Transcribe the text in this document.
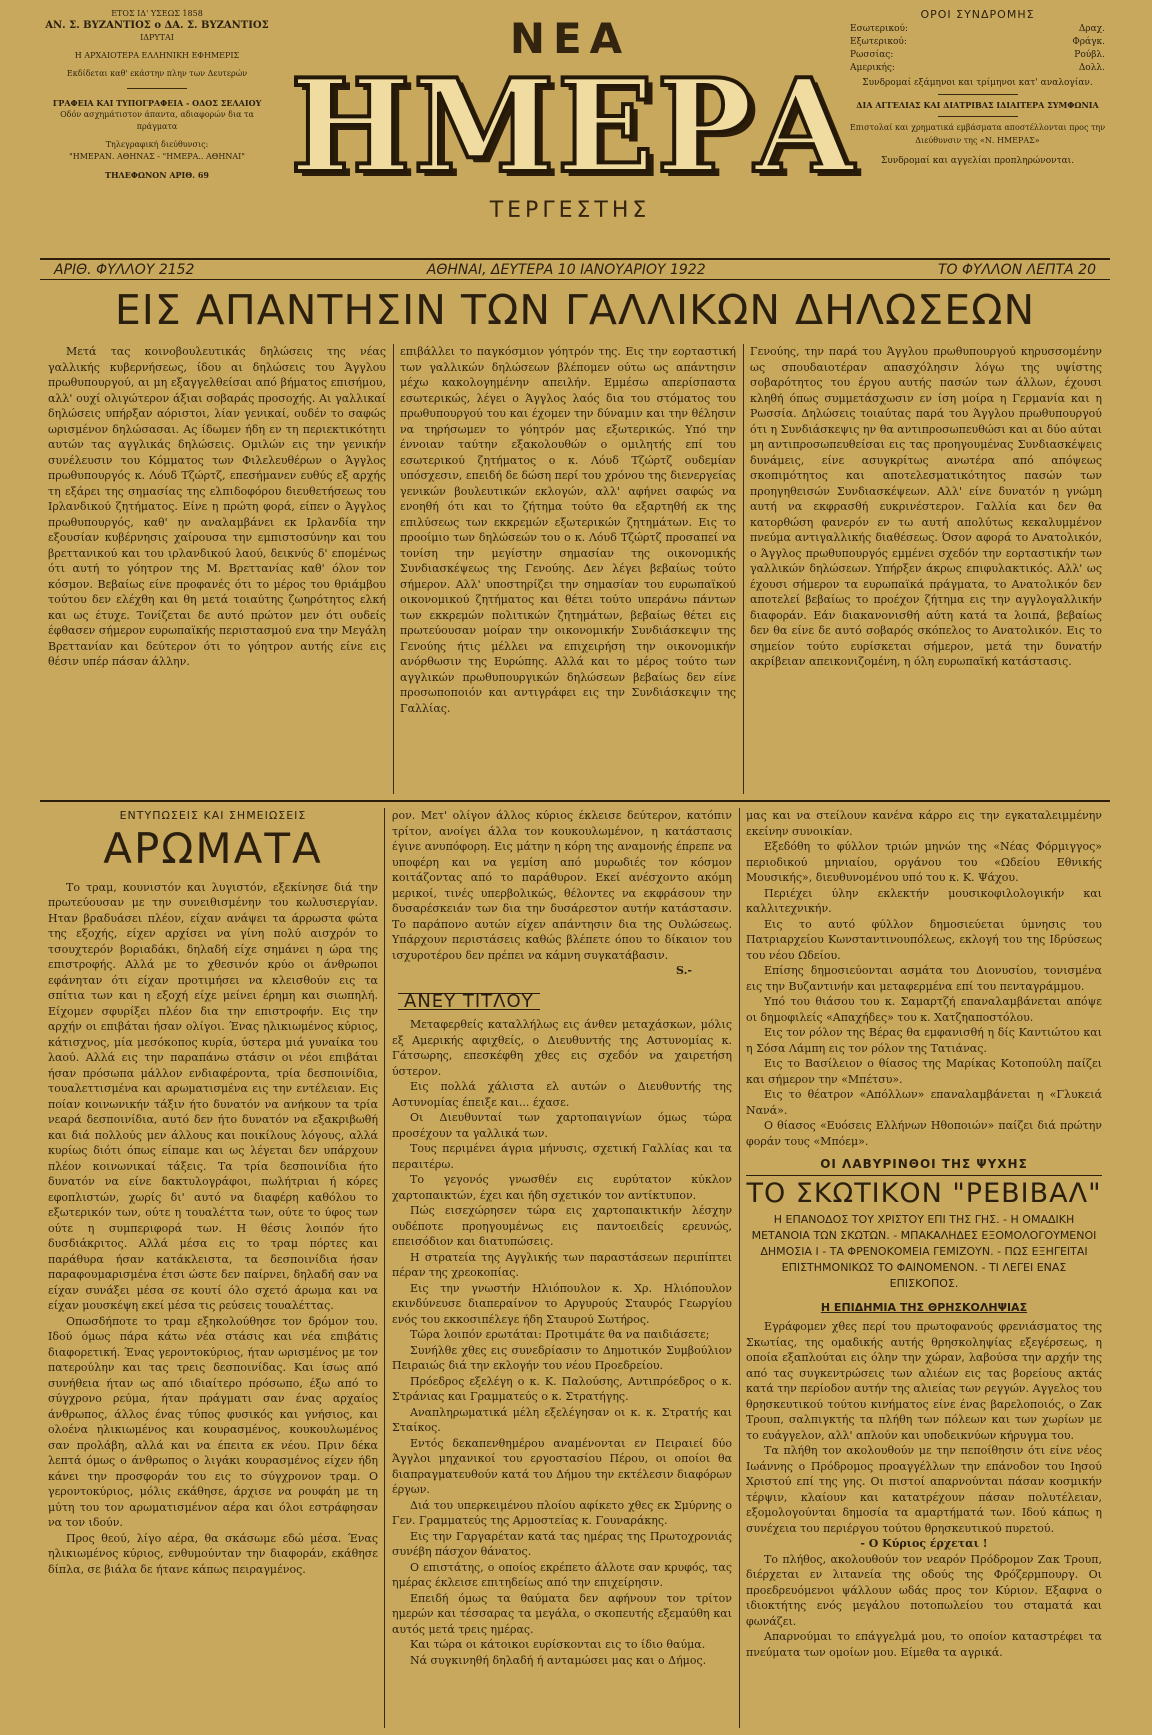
ΕΤΟΣ ΙΔ' ΥΣΕΩΣ 1858
ΑΝ. Σ. ΒΥΖΑΝΤΙΟΣ ο ΔΑ. Σ. ΒΥΖΑΝΤΙΟΣ
ΙΔΡΥΤΑΙ
Η ΑΡΧΑΙΟΤΕΡΑ ΕΛΛΗΝΙΚΗ ΕΦΗΜΕΡΙΣ
Εκδίδεται καθ' εκάστην πλην των Δευτερών
ΓΡΑΦΕΙΑ ΚΑΙ ΤΥΠΟΓΡΑΦΕΙΑ - ΟΔΟΣ ΣΕΛΑΙΟΥ
Οδόν ασχημάτιστον άπαντα, αδιαφορών δια τα πράγματα
Τηλεγραφική διεύθυνσις:
"ΗΜΕΡΑΝ. ΑΘΗΝΑΣ - "ΗΜΕΡΑ.. ΑΘΗΝΑΙ"
ΤΗΛΕΦΩΝΟΝ ΑΡΙΘ. 69
ΝΕΑ
ΗΜΕΡΑ
ΤΕΡΓΕΣΤΗΣ
ΟΡΟΙ ΣΥΝΔΡΟΜΗΣ
Εσωτερικού:	Δραχ.
Εξωτερικού:	Φράγκ.
Ρωσσίας:	Ρούβλ.
Αμερικής:	Δολλ.
Συνδρομαί εξάμηνοι και τρίμηνοι κατ' αναλογίαν.
ΔΙΑ ΑΓΓΕΛΙΑΣ ΚΑΙ ΔΙΑΤΡΙΒΑΣ ΙΔΙΑΙΤΕΡΑ ΣΥΜΦΩΝΙΑ
Επιστολαί και χρηματικά εμβάσματα αποστέλλονται προς την Διεύθυνσιν της «Ν. ΗΜΕΡΑΣ»
Συνδρομαί και αγγελίαι προπληρώνονται.
ΑΡΙΘ. ΦΥΛΛΟΥ 2152	ΑΘΗΝΑΙ, ΔΕΥΤΕΡΑ 10 ΙΑΝΟΥΑΡΙΟΥ 1922	ΤΟ ΦΥΛΛΟΝ ΛΕΠΤΑ 20
ΕΙΣ ΑΠΑΝΤΗΣΙΝ ΤΩΝ ΓΑΛΛΙΚΩΝ ΔΗΛΩΣΕΩΝ

Μετά τας κοινοβουλευτικάς δηλώσεις της νέας γαλλικής κυβερνήσεως, ίδου αι δηλώσεις του Άγγλου πρωθυπουργού, αι μη εξαγγελθείσαι από βήματος επισήμου, αλλ' ουχί ολιγώτερον άξιαι σοβαράς προσοχής. Αι γαλλικαί δηλώσεις υπήρξαν αόριστοι, λίαν γενικαί, ουδέν το σαφώς ωρισμένον δηλώσασαι. Ας ίδωμεν ήδη εν τη περιεκτικότητι αυτών τας αγγλικάς δηλώσεις. Ομιλών εις την γενικήν συνέλευσιν του Κόμματος των Φιλελευθέρων ο Άγγλος πρωθυπουργός κ. Λόυδ Τζώρτζ, επεσήμανεν ευθύς εξ αρχής τη εξάρει της σημασίας της ελπιδοφόρου διευθετήσεως του Ιρλανδικού ζητήματος. Είνε η πρώτη φορά, είπεν ο Άγγλος πρωθυπουργός, καθ' ην αναλαμβάνει εκ Ιρλανδία την εξουσίαν κυβέρνησις χαίρουσα την εμπιστοσύνην και του βρεττανικού και του ιρλανδικού λαού, δεικνύς δ' επομένως ότι αυτή το γόητρον της Μ. Βρεττανίας καθ' όλον τον κόσμον. Βεβαίως είνε προφανές ότι το μέρος του θριάμβου τούτου δεν ελέχθη και θη μετά τοιαύτης ζωηρότητος ελκή και ως έτυχε. Τονίζεται δε αυτό πρώτον μεν ότι ουδείς έφθασεν σήμερον ευρωπαϊκής περιστασμού ενα την Μεγάλη Βρεττανίαν και δεύτερον ότι το γόητρον αυτής είνε εις θέσιν υπέρ πάσαν άλλην.

επιβάλλει το παγκόσμιον γόητρόν της. Εις την εορταστική των γαλλικών δηλώσεων βλέπομεν ούτω ως απάντησιν μέχω κακολογημένην απειλήν. Εμμέσω απερίσπαστα εσωτερικώς, λέγει ο Άγγλος λαός δια του στόματος του πρωθυπουργού του και έχομεν την δύναμιν και την θέλησιν να τηρήσωμεν το γόητρόν μας εξωτερικώς. Υπό την έννοιαν ταύτην εξακολουθών ο ομιλητής επί του εσωτερικού ζητήματος ο κ. Λόυδ Τζώρτζ ουδεμίαν υπόσχεσιν, επειδή δε δώση περί του χρόνου της διενεργείας γενικών βουλευτικών εκλογών, αλλ' αφήνει σαφώς να ενοηθή ότι και το ζήτημα τούτο θα εξαρτηθή εκ της επιλύσεως των εκκρεμών εξωτερικών ζητημάτων. Εις το προοίμιο των δηλώσεών του ο κ. Λόυδ Τζώρτζ προσαπεί να τονίση την μεγίστην σημασίαν της οικονομικής Συνδιασκέψεως της Γενούης. Δεν λέγει βεβαίως τούτο σήμερον. Αλλ' υποστηρίζει την σημασίαν του ευρωπαϊκού οικονομικού ζητήματος και θέτει τούτο υπεράνω πάντων των εκκρεμών πολιτικών ζητημάτων, βεβαίως θέτει εις πρωτεύουσαν μοίραν την οικονομικήν Συνδιάσκεψιν της Γενούης ήτις μέλλει να επιχειρήση την οικονομικήν ανόρθωσιν της Ευρώπης. Αλλά και το μέρος τούτο των αγγλικών πρωθυπουργικών δηλώσεων βεβαίως δεν είνε προσωποποιόν και αντιγράφει εις την Συνδιάσκεψιν της Γαλλίας.

Γενούης, την παρά του Άγγλου πρωθυπουργού κηρυσσομένην ως σπουδαιοτέραν απασχόλησιν λόγω της υψίστης σοβαρότητος του έργου αυτής πασών των άλλων, έχουσι κληθή όπως συμμετάσχωσιν εν ίση μοίρα η Γερμανία και η Ρωσσία. Δηλώσεις τοιαύτας παρά του Άγγλου πρωθυπουργού ότι η Συνδιάσκεψις ην θα αντιπροσωπευθώσι και αι δύο αύται μη αντιπροσωπευθείσαι εις τας προηγουμένας Συνδιασκέψεις δυνάμεις, είνε ασυγκρίτως ανωτέρα από απόψεως σκοπιμότητος και αποτελεσματικότητος πασών των προηγηθεισών Συνδιασκέψεων. Αλλ' είνε δυνατόν η γνώμη αυτή να εκφρασθή ευκρινέστερον. Γαλλία και δεν θα κατορθώση φανερόν εν τω αυτή απολύτως κεκαλυμμένον πνεύμα αντιγαλλικής διαθέσεως. Όσον αφορά το Ανατολικόν, ο Άγγλος πρωθυπουργός εμμένει σχεδόν την εορταστικήν των γαλλικών δηλώσεων. Υπήρξεν άκρως επιφυλακτικός. Αλλ' ως έχουσι σήμερον τα ευρωπαϊκά πράγματα, το Ανατολικόν δεν αποτελεί βεβαίως το προέχον ζήτημα εις την αγγλογαλλικήν διαφοράν. Εάν διακανονισθή αύτη κατά τα λοιπά, βεβαίως δεν θα είνε δε αυτό σοβαρός σκόπελος το Ανατολικόν. Εις το σημείον τούτο ευρίσκεται σήμερον, μετά την δυνατήν ακρίβειαν απεικονιζομένη, η όλη ευρωπαϊκή κατάστασις.

ΕΝΤΥΠΩΣΕΙΣ ΚΑΙ ΣΗΜΕΙΩΣΕΙΣ
ΑΡΩΜΑΤΑ

Το τραμ, κουνιστόν και λυγιστόν, εξεκίνησε διά την πρωτεύουσαν με την συνειθισμένην του κωλυσιεργίαν. Ηταν βραδυάσει πλέον, είχαν ανάψει τα άρρωστα φώτα της εξοχής, είχεν αρχίσει να γίνη πολύ αισχρόν το τσουχτερόν βοριαδάκι, δηλαδή είχε σημάνει η ώρα της επιστροφής. Αλλά με το χθεσινόν κρύο οι άνθρωποι εφάνηταν ότι είχαν προτιμήσει να κλεισθούν εις τα σπίτια των και η εξοχή είχε μείνει έρημη και σιωπηλή. Είχομεν σφυρίξει πλέον δια την επιστροφήν. Εις την αρχήν οι επιβάται ήσαν ολίγοι. Ένας ηλικιωμένος κύριος, κάτισχνος, μία μεσόκοπος κυρία, ύστερα μιά γυναίκα του λαού. Αλλά εις την παραπάνω στάσιν οι νέοι επιβάται ήσαν πρόσωπα μάλλον ενδιαφέροντα, τρία δεσποινίδια, τουαλεττισμένα και αρωματισμένα εις την εντέλειαν. Εις ποίαν κοινωνικήν τάξιν ήτο δυνατόν να ανήκουν τα τρία νεαρά δεσποινίδια, αυτό δεν ήτο δυνατόν να εξακριβωθή και διά πολλούς μεν άλλους και ποικίλους λόγους, αλλά κυρίως διότι όπως είπαμε και ως λέγεται δεν υπάρχουν πλέον κοινωνικαί τάξεις. Τα τρία δεσποινίδια ήτο δυνατόν να είνε δακτυλογράφοι, πωλήτριαι ή κόρες εφοπλιστών, χωρίς δι' αυτό να διαφέρη καθόλου το εξωτερικόν των, ούτε η τουαλέττα των, ούτε το ύφος των ούτε η συμπεριφορά των. Η θέσις λοιπόν ήτο δυσδιάκριτος. Αλλά μέσα εις το τραμ πόρτες και παράθυρα ήσαν κατάκλειστα, τα δεσποινίδια ήσαν παραφουμαρισμένα έτσι ώστε δεν παίρνει, δηλαδή σαν να είχαν συνάξει μέσα σε κουτί όλο σχετό άρωμα και να είχαν μουσκέψη εκεί μέσα τις ρεύσεις τουαλέττας.

Οπωσδήποτε το τραμ εξηκολούθησε τον δρόμον του. Ιδού όμως πάρα κάτω νέα στάσις και νέα επιβάτις διαφορετική. Ένας γεροντοκύριος, ήταν ωρισμένος με τον πατερούλην και τας τρεις δεσποινίδας. Και ίσως από συνήθεια ήταν ως από ιδιαίτερο πρόσωπο, έξω από το σύγχρονο ρεύμα, ήταν πράγματι σαν ένας αρχαίος άνθρωπος, άλλος ένας τύπος φυσικός και γνήσιος, και ολοένα ηλικιωμένος και κουρασμένος, κουκουλωμένος σαν προλάβη, αλλά και να έπειτα εκ νέου. Πριν δέκα λεπτά όμως ο άνθρωπος ο λιγάκι κουρασμένος είχεν ήδη κάνει την προσφοράν του εις το σύγχρονον τραμ. Ο γεροντοκύριος, μόλις εκάθησε, άρχισε να ρουφάη με τη μύτη του τον αρωματισμένον αέρα και όλοι εστράφησαν να τον ιδούν.

Προς θεού, λίγο αέρα, θα σκάσωμε εδώ μέσα. Ένας ηλικιωμένος κύριος, ενθυμούνταν την διαφοράν, εκάθησε δίπλα, σε βιάλα δε ήτανε κάπως πειραγμένος.

ρον. Μετ' ολίγον άλλος κύριος έκλεισε δεύτερον, κατόπιν τρίτον, ανοίγει άλλα τον κουκουλωμένον, η κατάστασις έγινε ανυπόφορη. Εις μάτην η κόρη της αναμονής έπρεπε να υποφέρη και να γεμίση από μυρωδιές τον κόσμον κοιτάζοντας από το παράθυρον. Εκεί ανέσχοντο ακόμη μερικοί, τινές υπερβολικώς, θέλοντες να εκφράσουν την δυσαρέσκειάν των δια την δυσάρεστον αυτήν κατάστασιν. Το παράπονο αυτών είχεν απάντησιν δια της Ουλώσεως. Υπάρχουν περιστάσεις καθώς βλέπετε όπου το δίκαιον του ισχυροτέρου δεν πρέπει να κάμνη συγκατάβασιν.

S.-
ΑΝΕΥ ΤΙΤΛΟΥ

Μεταφερθείς καταλλήλως εις άνθεν μεταχάσκων, μόλις εξ Αμερικής αφιχθείς, ο Διευθυντής της Αστυνομίας κ. Γάτσωρης, επεσκέφθη χθες εις σχεδόν να χαιρετήση ύστερον.

Εις πολλά χάλιστα ελ αυτών ο Διευθυντής της Αστυνομίας έπειξε και... έχασε.

Οι Διευθυνταί των χαρτοπαιγνίων όμως τώρα προσέχουν τα γαλλικά των.

Τους περιμένει άγρια μήνυσις, σχετική Γαλλίας και τα περαιτέρω.

Το γεγονός γνωσθέν εις ευρύτατον κύκλον χαρτοπαικτών, έχει και ήδη σχετικόν τον αντίκτυπον.

Πώς εισεχώρησεν τώρα εις χαρτοπαικτικήν λέσχην ουδέποτε προηγουμένως εις παντοειδείς ερευνώς, επεισόδιον και διατυπώσεις.

Η στρατεία της Αγγλικής των παραστάσεων περιπίπτει πέραν της χρεοκοπίας.

Εις την γνωστήν Ηλιόπουλον κ. Χρ. Ηλιόπουλον εκινδύνευσε διαπεραίνον το Αργυρούς Σταυρός Γεωργίου ενός του εκκοσιπέλεγε ήδη Σταυρού Σωτήρος.

Τώρα λοιπόν ερωτάται: Προτιμάτε θα να παιδιάσετε;

Συνήλθε χθες εις συνεδρίασιν το Δημοτικόν Συμβούλιον Πειραιώς διά την εκλογήν του νέου Προεδρείου.

Πρόεδρος εξελέγη ο κ. Κ. Παλούσης, Αντιπρόεδρος ο κ. Στράνιας και Γραμματεύς ο κ. Στρατήγης.

Αναπληρωματικά μέλη εξελέγησαν οι κ. κ. Στρατής και Σταίκος.

Εντός δεκαπενθημέρου αναμένονται εν Πειραιεί δύο Άγγλοι μηχανικοί του εργοστασίου Πέρου, οι οποίοι θα διαπραγματευθούν κατά του Δήμου την εκτέλεσιν διαφόρων έργων.

Διά του υπερκειμένου πλοίου αφίκετο χθες εκ Σμύρνης ο Γεν. Γραμματεύς της Αρμοστείας κ. Γουναράκης.

Εις την Γαργαρέταν κατά τας ημέρας της Πρωτοχρονιάς συνέβη πάσχον θάνατος.

Ο επιστάτης, ο οποίος εκρέπετο άλλοτε σαν κρυφός, τας ημέρας έκλεισε επιτηδείως από την επιχείρησιν.

Επειδή όμως τα θαύματα δεν αφήνουν τον τρίτον ημερών και τέσσαρας τα μεγάλα, ο σκοπευτής εξεμαύθη και αυτός μετά τρεις ημέρας.

Και τώρα οι κάτοικοι ευρίσκονται εις το ίδιο θαύμα.

Νά συγκινηθή δηλαδή ή ανταμώσει μας και ο Δήμος.

μας και να στείλουν κανένα κάρρο εις την εγκαταλειμμένην εκείνην συνοικίαν.

Εξεδόθη το φύλλον τριών μηνών της «Νέας Φόρμιγγος» περιοδικού μηνιαίου, οργάνου του «Ωδείου Εθνικής Μουσικής», διευθυνομένου υπό του κ. Κ. Ψάχου.

Περιέχει ύλην εκλεκτήν μουσικοφιλολογικήν και καλλιτεχνικήν.

Εις το αυτό φύλλον δημοσιεύεται ύμνησις του Πατριαρχείου Κωνσταντινουπόλεως, εκλογή του της Ιδρύσεως του νέου Ωδείου.

Επίσης δημοσιεύονται ασμάτα του Διονυσίου, τονισμένα εις την Βυζαντινήν και μεταφερμένα επί του πενταγράμμου.

Υπό του θιάσου του κ. Σαμαρτζή επαναλαμβάνεται απόψε οι δημοφιλείς «Απαχήδες» του κ. Χατζηαποστόλου.

Εις τον ρόλον της Βέρας θα εμφανισθή η δίς Καντιώτου και η Σόσα Λάμπη εις τον ρόλον της Τατιάνας.

Εις το Βασίλειον ο θίασος της Μαρίκας Κοτοπούλη παίζει και σήμερον την «Μπέτσυ».

Εις το θέατρον «Απόλλων» επαναλαμβάνεται η «Γλυκειά Νανά».

Ο θίασος «Ευόσεις Ελλήνων Ηθοποιών» παίζει διά πρώτην φοράν τους «Μπόεμ».

ΟΙ ΛΑΒΥΡΙΝΘΟΙ ΤΗΣ ΨΥΧΗΣ
ΤΟ ΣΚΩΤΙΚΟΝ "ΡΕΒΙΒΑΛ"
Η ΕΠΑΝΟΔΟΣ ΤΟΥ ΧΡΙΣΤΟΥ ΕΠΙ ΤΗΣ ΓΗΣ. - Η ΟΜΑΔΙΚΗ ΜΕΤΑΝΟΙΑ ΤΩΝ ΣΚΩΤΩΝ. - ΜΠΑΚΑΛΗΔΕΣ ΕΞΟΜΟΛΟΓΟΥΜΕΝΟΙ ΔΗΜΟΣΙΑ Ι - ΤΑ ΦΡΕΝΟΚΟΜΕΙΑ ΓΕΜΙΖΟΥΝ. - ΠΩΣ ΕΞΗΓΕΙΤΑΙ ΕΠΙΣΤΗΜΟΝΙΚΩΣ ΤΟ ΦΑΙΝΟΜΕΝΟΝ. - ΤΙ ΛΕΓΕΙ ΕΝΑΣ ΕΠΙΣΚΟΠΟΣ.
Η ΕΠΙΔΗΜΙΑ ΤΗΣ ΘΡΗΣΚΟΛΗΨΙΑΣ

Εγράφομεν χθες περί του πρωτοφανούς φρενιάσματος της Σκωτίας, της ομαδικής αυτής θρησκοληψίας εξεγέρσεως, η οποία εξαπλούται εις όλην την χώραν, λαβούσα την αρχήν της από τας συγκεντρώσεις των αλιέων εις τας βορείους ακτάς κατά την περίοδον αυτήν της αλιείας των ρεγγών. Αγγελος του θρησκευτικού τούτου κινήματος είνε ένας βαρελοποιός, ο Ζακ Τρουπ, σαλπιγκτής τα πλήθη των πόλεων και των χωρίων με το ευάγγελον, αλλ' απλούν και υποδεικνύων κήρυγμα του.

Τα πλήθη τον ακολουθούν με την πεποίθησιν ότι είνε νέος Ιωάννης ο Πρόδρομος προαγγέλλων την επάνοδον του Ιησού Χριστού επί της γης. Οι πιστοί απαρνούνται πάσαν κοσμικήν τέρψιν, κλαίουν και κατατρέχουν πάσαν πολυτέλειαν, εξομολογούνται δημοσία τα αμαρτήματά των. Ιδού κάπως η συνέχεια του περιέργου τούτου θρησκευτικού πυρετού.

- Ο Κύριος έρχεται !

Το πλήθος, ακολουθούν τον νεαρόν Πρόδρομον Ζακ Τρουπ, διέρχεται εν λιτανεία της οδούς της Φρόζερμπουργ. Οι προεδρευόμενοι ψάλλουν ωδάς προς τον Κύριον. Εξαφνα ο ιδιοκτήτης ενός μεγάλου ποτοπωλείου του σταματά και φωνάζει.

Απαρνούμαι το επάγγελμά μου, το οποίον καταστρέφει τα πνεύματα των ομοίων μου. Είμεθα τα αγρικά.
